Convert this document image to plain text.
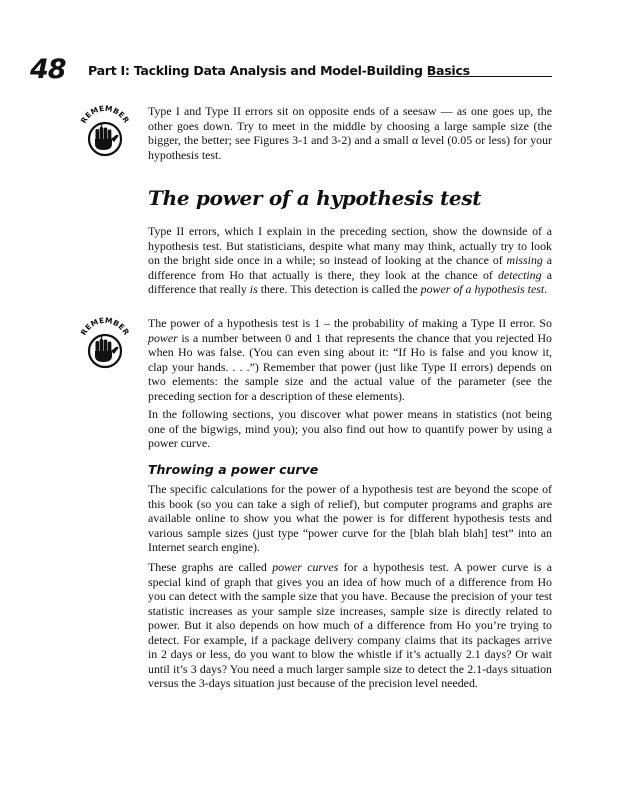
48 Part I: Tackling Data Analysis and Model-Building Basics
REMEMBER

Type I and Type II errors sit on opposite ends of a seesaw — as one goes up, the other goes down. Try to meet in the middle by choosing a large sample size (the bigger, the better; see Figures 3-1 and 3-2) and a small α level (0.05 or less) for your hypothesis test.

The power of a hypothesis test

Type II errors, which I explain in the preceding section, show the downside of a hypothesis test. But statisticians, despite what many may think, actually try to look on the bright side once in a while; so instead of looking at the chance of missing a difference from Ho that actually is there, they look at the chance of detecting a difference that really is there. This detection is called the power of a hypothesis test.

REMEMBER

The power of a hypothesis test is 1 – the probability of making a Type II error. So power is a number between 0 and 1 that represents the chance that you rejected Ho when Ho was false. (You can even sing about it: “If Ho is false and you know it, clap your hands. . . .”) Remember that power (just like Type II errors) depends on two elements: the sample size and the actual value of the parameter (see the preceding section for a description of these elements).

In the following sections, you discover what power means in statistics (not being one of the bigwigs, mind you); you also find out how to quantify power by using a power curve.

Throwing a power curve

The specific calculations for the power of a hypothesis test are beyond the scope of this book (so you can take a sigh of relief), but computer programs and graphs are available online to show you what the power is for different hypothesis tests and various sample sizes (just type “power curve for the [blah blah blah] test” into an Internet search engine).

These graphs are called power curves for a hypothesis test. A power curve is a special kind of graph that gives you an idea of how much of a difference from Ho you can detect with the sample size that you have. Because the precision of your test statistic increases as your sample size increases, sample size is directly related to power. But it also depends on how much of a difference from Ho you’re trying to detect. For example, if a package delivery company claims that its packages arrive in 2 days or less, do you want to blow the whistle if it’s actually 2.1 days? Or wait until it’s 3 days? You need a much larger sample size to detect the 2.1-days situation versus the 3-days situation just because of the precision level needed.
